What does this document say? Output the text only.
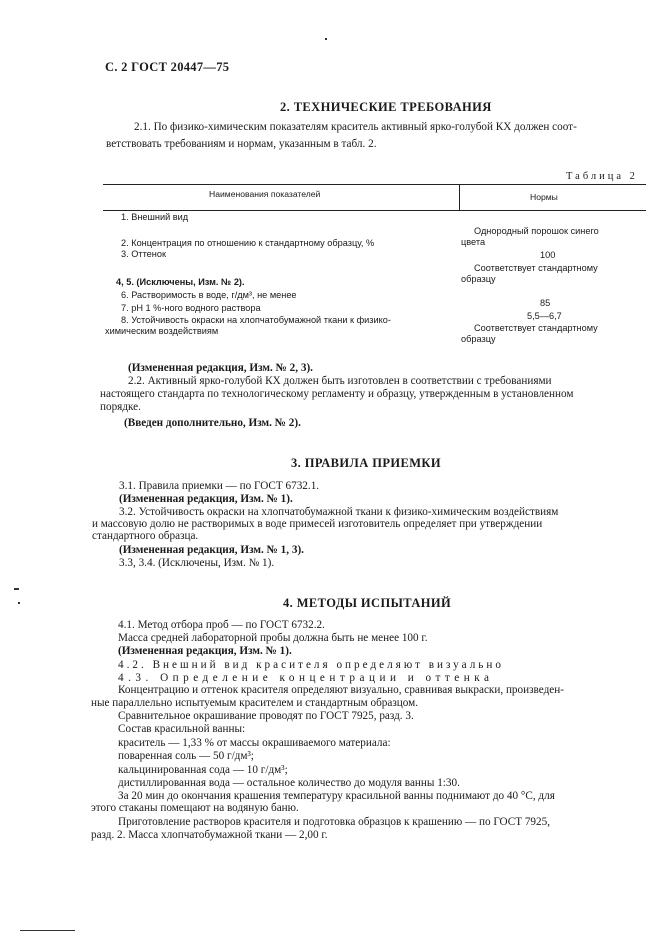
С. 2 ГОСТ 20447—75
2. ТЕХНИЧЕСКИЕ ТРЕБОВАНИЯ
2.1. По физико-химическим показателям краситель активный ярко-голубой КХ должен соот-
ветствовать требованиям и нормам, указанным в табл. 2.
Таблица 2
Наименования показателей	Нормы
1. Внешний вид
2. Концентрация по отношению к стандартному образцу, %
3. Оттенок
4, 5. (Исключены, Изм. № 2).
6. Растворимость в воде, г/дм³, не менее
7. pH 1 %-ного водного раствора
8. Устойчивость окраски на хлопчатобумажной ткани к физико-
химическим воздействиям
Однородный порошок синего
цвета
100
Соответствует стандартному
образцу
85
5,5—6,7
Соответствует стандартному
образцу
(Измененная редакция, Изм. № 2, 3).
2.2. Активный ярко-голубой КХ должен быть изготовлен в соответствии с требованиями
настоящего стандарта по технологическому регламенту и образцу, утвержденным в установленном
порядке.
(Введен дополнительно, Изм. № 2).
3. ПРАВИЛА ПРИЕМКИ
3.1. Правила приемки — по ГОСТ 6732.1.
(Измененная редакция, Изм. № 1).
3.2. Устойчивость окраски на хлопчатобумажной ткани к физико-химическим воздействиям
и массовую долю не растворимых в воде примесей изготовитель определяет при утверждении
стандартного образца.
(Измененная редакция, Изм. № 1, 3).
3.3, 3.4. (Исключены, Изм. № 1).
4. МЕТОДЫ ИСПЫТАНИЙ
4.1. Метод отбора проб — по ГОСТ 6732.2.
Масса средней лабораторной пробы должна быть не менее 100 г.
(Измененная редакция, Изм. № 1).
4.2. Внешний вид красителя определяют визуально
4.3. Определение концентрации и оттенка
Концентрацию и оттенок красителя определяют визуально, сравнивая выкраски, произведен-
ные параллельно испытуемым красителем и стандартным образцом.
Сравнительное окрашивание проводят по ГОСТ 7925, разд. 3.
Состав красильной ванны:
краситель — 1,33 % от массы окрашиваемого материала:
поваренная соль — 50 г/дм³;
кальцинированная сода — 10 г/дм³;
дистиллированная вода — остальное количество до модуля ванны 1:30.
За 20 мин до окончания крашения температуру красильной ванны поднимают до 40 °С, для
этого стаканы помещают на водяную баню.
Приготовление растворов красителя и подготовка образцов к крашению — по ГОСТ 7925,
разд. 2. Масса хлопчатобумажной ткани — 2,00 г.
